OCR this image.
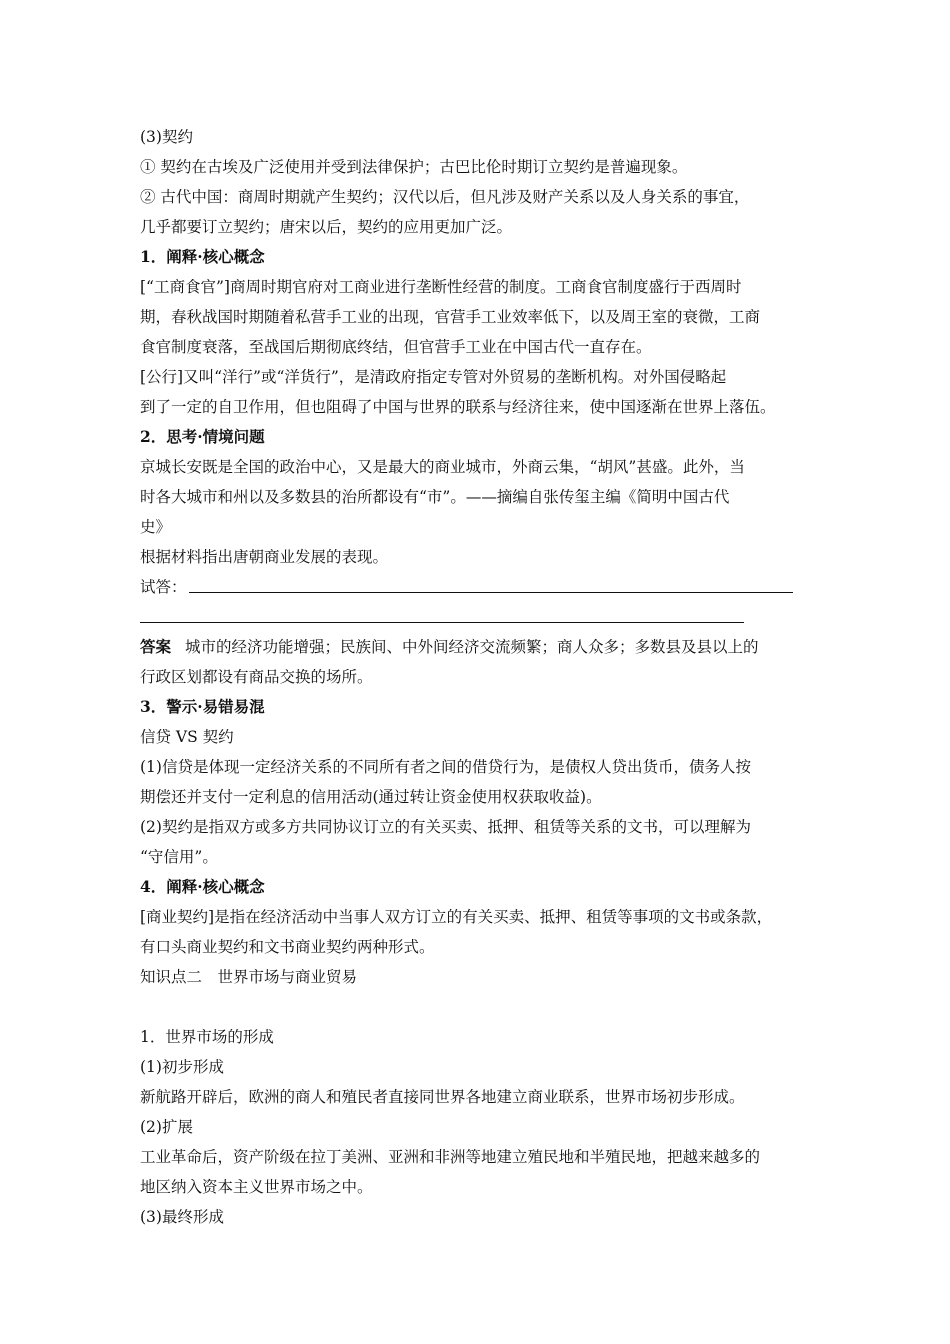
(3)契约
① 契约在古埃及广泛使用并受到法律保护；古巴比伦时期订立契约是普遍现象。
② 古代中国：商周时期就产生契约；汉代以后，但凡涉及财产关系以及人身关系的事宜，
几乎都要订立契约；唐宋以后，契约的应用更加广泛。
1．阐释·核心概念
[“工商食官”]商周时期官府对工商业进行垄断性经营的制度。工商食官制度盛行于西周时
期，春秋战国时期随着私营手工业的出现，官营手工业效率低下，以及周王室的衰微，工商
食官制度衰落，至战国后期彻底终结，但官营手工业在中国古代一直存在。
[公行]又叫“洋行”或“洋货行”，是清政府指定专管对外贸易的垄断机构。对外国侵略起
到了一定的自卫作用，但也阻碍了中国与世界的联系与经济往来，使中国逐渐在世界上落伍。
2．思考·情境问题
京城长安既是全国的政治中心，又是最大的商业城市，外商云集，“胡风”甚盛。此外，当
时各大城市和州以及多数县的治所都设有“市”。——摘编自张传玺主编《简明中国古代
史》
根据材料指出唐朝商业发展的表现。
试答：
答案 城市的经济功能增强；民族间、中外间经济交流频繁；商人众多；多数县及县以上的
行政区划都设有商品交换的场所。
3．警示·易错易混
信贷 VS 契约
(1)信贷是体现一定经济关系的不同所有者之间的借贷行为，是债权人贷出货币，债务人按
期偿还并支付一定利息的信用活动(通过转让资金使用权获取收益)。
(2)契约是指双方或多方共同协议订立的有关买卖、抵押、租赁等关系的文书，可以理解为
“守信用”。
4．阐释·核心概念
[商业契约]是指在经济活动中当事人双方订立的有关买卖、抵押、租赁等事项的文书或条款，
有口头商业契约和文书商业契约两种形式。
知识点二　世界市场与商业贸易
1．世界市场的形成
(1)初步形成
新航路开辟后，欧洲的商人和殖民者直接同世界各地建立商业联系，世界市场初步形成。
(2)扩展
工业革命后，资产阶级在拉丁美洲、亚洲和非洲等地建立殖民地和半殖民地，把越来越多的
地区纳入资本主义世界市场之中。
(3)最终形成
